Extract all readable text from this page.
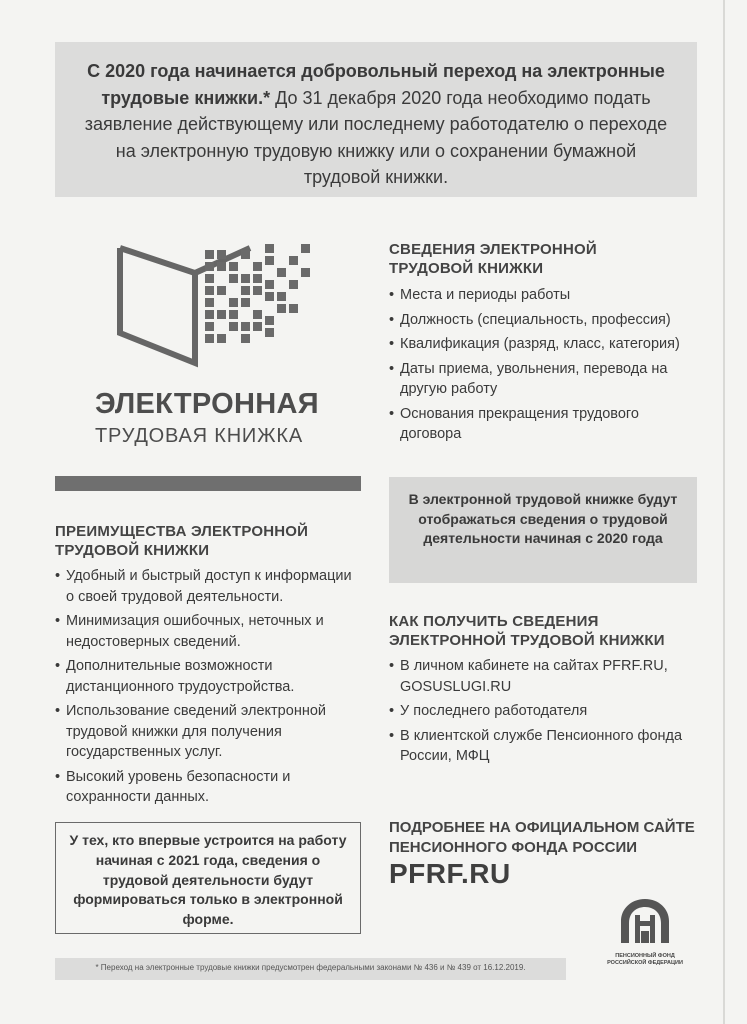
С 2020 года начинается добровольный переход на электронные трудовые книжки.* До 31 декабря 2020 года необходимо подать заявление действующему или последнему работодателю о переходе на электронную трудовую книжку или о сохранении бумажной трудовой книжки.
ЭЛЕКТРОННАЯ
ТРУДОВАЯ КНИЖКА
СВЕДЕНИЯ ЭЛЕКТРОННОЙ ТРУДОВОЙ КНИЖКИ
• Места и периоды работы
• Должность (специальность, профессия)
• Квалификация (разряд, класс, категория)
• Даты приема, увольнения, перевода на другую работу
• Основания прекращения трудового договора
ПРЕИМУЩЕСТВА ЭЛЕКТРОННОЙ ТРУДОВОЙ КНИЖКИ
• Удобный и быстрый доступ к информации о своей трудовой деятельности.
• Минимизация ошибочных, неточных и недостоверных сведений.
• Дополнительные возможности дистанционного трудоустройства.
• Использование сведений электронной трудовой книжки для получения государственных услуг.
• Высокий уровень безопасности и сохранности данных.
В электронной трудовой книжке будут отображаться сведения о трудовой деятельности начиная с 2020 года
КАК ПОЛУЧИТЬ СВЕДЕНИЯ ЭЛЕКТРОННОЙ ТРУДОВОЙ КНИЖКИ
• В личном кабинете на сайтах PFRF.RU, GOSUSLUGI.RU
• У последнего работодателя
• В клиентской службе Пенсионного фонда России, МФЦ
У тех, кто впервые устроится на работу начиная с 2021 года, сведения о трудовой деятельности будут формироваться только в электронной форме.
ПОДРОБНЕЕ НА ОФИЦИАЛЬНОМ САЙТЕ ПЕНСИОННОГО ФОНДА РОССИИ
PFRF.RU
ПЕНСИОННЫЙ ФОНД
РОССИЙСКОЙ ФЕДЕРАЦИИ
* Переход на электронные трудовые книжки предусмотрен федеральными законами № 436 и № 439 от 16.12.2019.
